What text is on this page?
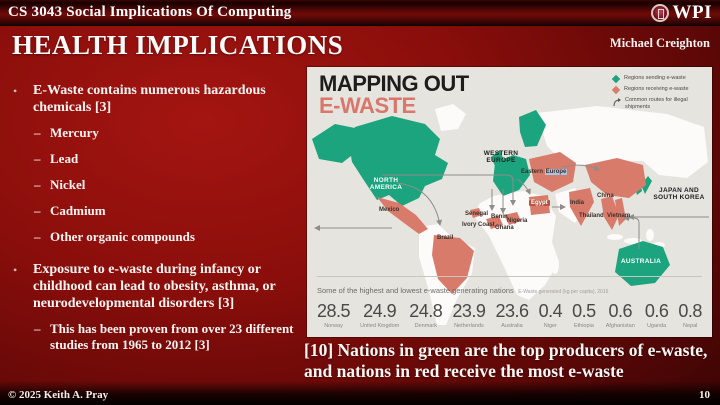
CS 3043 Social Implications Of Computing	WPI
HEALTH IMPLICATIONS	Michael Creighton
•	E-Waste contains numerous hazardous chemicals [3]
– Mercury
– Lead
– Nickel
– Cadmium
– Other organic compounds
•	Exposure to e-waste during infancy or childhood can lead to obesity, asthma, or neurodevelopmental disorders [3]
– This has been proven from over 23 different studies from 1965 to 2012 [3]
MAPPING OUT
E-WASTE
Regions sending e-waste
Regions receiving e-waste
Common routes for illegal shipments
NORTH AMERICA
Mexico
Brazil
WESTERN EUROPE
Eastern Europe
Senegal
Ivory Coast
Benin
Ghana
Nigeria
Egypt	India
China
Thailand Vietnam
JAPAN AND SOUTH KOREA
AUSTRALIA
Some of the highest and lowest e-waste generating nations E-Waste generated (kg per capita), 2016
28.5
Norway
24.9
United Kingdom
24.8
Denmark
23.9
Netherlands
23.6
Australia
0.4
Niger
0.5
Ethiopia
0.6
Afghanistan
0.6
Uganda
0.8
Nepal
[10] Nations in green are the top producers of e-waste, and nations in red receive the most e-waste
© 2025 Keith A. Pray	10
